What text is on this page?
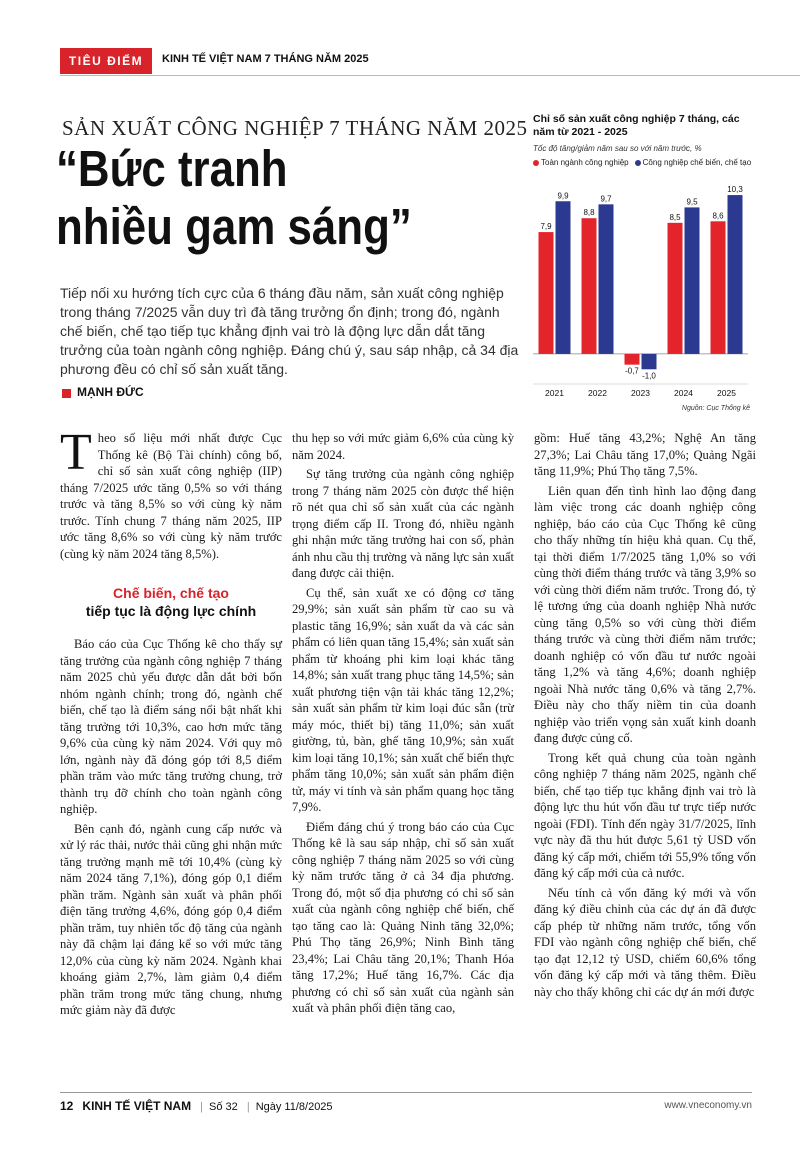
TIÊU ĐIỂM	KINH TẾ VIỆT NAM 7 THÁNG NĂM 2025
SẢN XUẤT CÔNG NGHIỆP 7 THÁNG NĂM 2025
“Bức tranh
nhiều gam sáng”
Tiếp nối xu hướng tích cực của 6 tháng đầu năm, sản xuất công nghiệp trong tháng 7/2025 vẫn duy trì đà tăng trưởng ổn định; trong đó, ngành chế biến, chế tạo tiếp tục khẳng định vai trò là động lực dẫn dắt tăng trưởng của toàn ngành công nghiệp. Đáng chú ý, sau sáp nhập, cả 34 địa phương đều có chỉ số sản xuất tăng.
MẠNH ĐỨC
Chỉ số sản xuất công nghiệp 7 tháng, các năm từ 2021 - 2025
Tốc độ tăng/giảm năm sau so với năm trước, %
Toàn ngành công nghiệp	Công nghiệp chế biến, chế tạo
7,9
9,9
2021
8,8
9,7
2022
-0,7
-1,0
2023
8,5
9,5
2024
8,6
10,3
2025
Nguồn: Cục Thống kê

Theo số liệu mới nhất được Cục Thống kê (Bộ Tài chính) công bố, chỉ số sản xuất công nghiệp (IIP) tháng 7/2025 ước tăng 0,5% so với tháng trước và tăng 8,5% so với cùng kỳ năm trước. Tính chung 7 tháng năm 2025, IIP ước tăng 8,6% so với cùng kỳ năm trước (cùng kỳ năm 2024 tăng 8,5%).

Chế biến, chế tạo
tiếp tục là động lực chính

Báo cáo của Cục Thống kê cho thấy sự tăng trưởng của ngành công nghiệp 7 tháng năm 2025 chủ yếu được dẫn dắt bởi bốn nhóm ngành chính; trong đó, ngành chế biến, chế tạo là điểm sáng nổi bật nhất khi tăng trưởng tới 10,3%, cao hơn mức tăng 9,6% của cùng kỳ năm 2024. Với quy mô lớn, ngành này đã đóng góp tới 8,5 điểm phần trăm vào mức tăng trưởng chung, trở thành trụ đỡ chính cho toàn ngành công nghiệp.

Bên cạnh đó, ngành cung cấp nước và xử lý rác thải, nước thải cũng ghi nhận mức tăng trưởng mạnh mẽ tới 10,4% (cùng kỳ năm 2024 tăng 7,1%), đóng góp 0,1 điểm phần trăm. Ngành sản xuất và phân phối điện tăng trưởng 4,6%, đóng góp 0,4 điểm phần trăm, tuy nhiên tốc độ tăng của ngành này đã chậm lại đáng kể so với mức tăng 12,0% của cùng kỳ năm 2024. Ngành khai khoáng giảm 2,7%, làm giảm 0,4 điểm phần trăm trong mức tăng chung, nhưng mức giảm này đã được

thu hẹp so với mức giảm 6,6% của cùng kỳ năm 2024.

Sự tăng trưởng của ngành công nghiệp trong 7 tháng năm 2025 còn được thể hiện rõ nét qua chỉ số sản xuất của các ngành trọng điểm cấp II. Trong đó, nhiều ngành ghi nhận mức tăng trưởng hai con số, phản ánh nhu cầu thị trường và năng lực sản xuất đang được cải thiện.

Cụ thể, sản xuất xe có động cơ tăng 29,9%; sản xuất sản phẩm từ cao su và plastic tăng 16,9%; sản xuất da và các sản phẩm có liên quan tăng 15,4%; sản xuất sản phẩm từ khoáng phi kim loại khác tăng 14,8%; sản xuất trang phục tăng 14,5%; sản xuất phương tiện vận tải khác tăng 12,2%; sản xuất sản phẩm từ kim loại đúc sẵn (trừ máy móc, thiết bị) tăng 11,0%; sản xuất giường, tủ, bàn, ghế tăng 10,9%; sản xuất kim loại tăng 10,1%; sản xuất chế biến thực phẩm tăng 10,0%; sản xuất sản phẩm điện tử, máy vi tính và sản phẩm quang học tăng 7,9%.

Điểm đáng chú ý trong báo cáo của Cục Thống kê là sau sáp nhập, chỉ số sản xuất công nghiệp 7 tháng năm 2025 so với cùng kỳ năm trước tăng ở cả 34 địa phương. Trong đó, một số địa phương có chỉ số sản xuất của ngành công nghiệp chế biến, chế tạo tăng cao là: Quảng Ninh tăng 32,0%; Phú Thọ tăng 26,9%; Ninh Bình tăng 23,4%; Lai Châu tăng 20,1%; Thanh Hóa tăng 17,2%; Huế tăng 16,7%. Các địa phương có chỉ số sản xuất của ngành sản xuất và phân phối điện tăng cao,

gồm: Huế tăng 43,2%; Nghệ An tăng 27,3%; Lai Châu tăng 17,0%; Quảng Ngãi tăng 11,9%; Phú Thọ tăng 7,5%.

Liên quan đến tình hình lao động đang làm việc trong các doanh nghiệp công nghiệp, báo cáo của Cục Thống kê cũng cho thấy những tín hiệu khả quan. Cụ thể, tại thời điểm 1/7/2025 tăng 1,0% so với cùng thời điểm tháng trước và tăng 3,9% so với cùng thời điểm năm trước. Trong đó, tỷ lệ tương ứng của doanh nghiệp Nhà nước cùng tăng 0,5% so với cùng thời điểm tháng trước và cùng thời điểm năm trước; doanh nghiệp có vốn đầu tư nước ngoài tăng 1,2% và tăng 4,6%; doanh nghiệp ngoài Nhà nước tăng 0,6% và tăng 2,7%. Điều này cho thấy niềm tin của doanh nghiệp vào triển vọng sản xuất kinh doanh đang được củng cố.

Trong kết quả chung của toàn ngành công nghiệp 7 tháng năm 2025, ngành chế biến, chế tạo tiếp tục khẳng định vai trò là động lực thu hút vốn đầu tư trực tiếp nước ngoài (FDI). Tính đến ngày 31/7/2025, lĩnh vực này đã thu hút được 5,61 tỷ USD vốn đăng ký cấp mới, chiếm tới 55,9% tổng vốn đăng ký cấp mới của cả nước.

Nếu tính cả vốn đăng ký mới và vốn đăng ký điều chỉnh của các dự án đã được cấp phép từ những năm trước, tổng vốn FDI vào ngành công nghiệp chế biến, chế tạo đạt 12,12 tỷ USD, chiếm 60,6% tổng vốn đăng ký cấp mới và tăng thêm. Điều này cho thấy không chỉ các dự án mới được

12 KINH TẾ VIỆT NAM | Số 32 | Ngày 11/8/2025	www.vneconomy.vn
